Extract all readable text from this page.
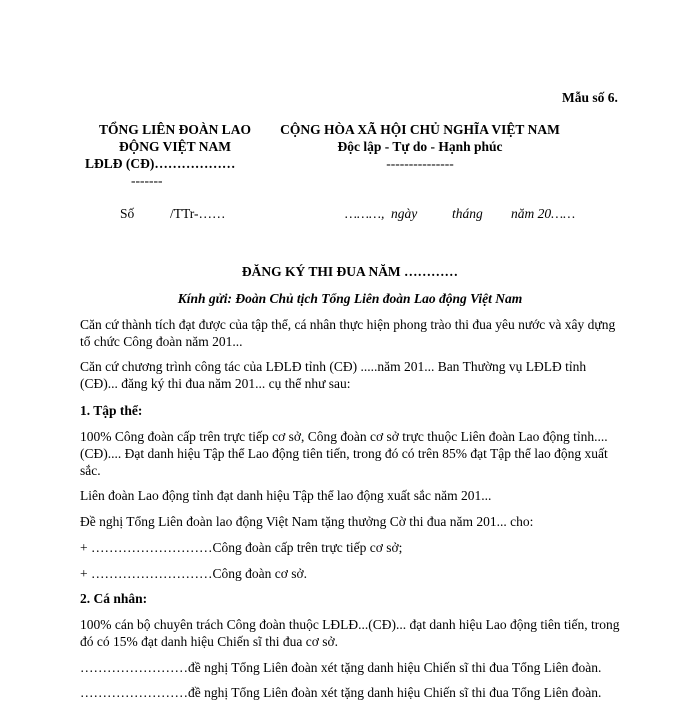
Mẫu số 6.
TỔNG LIÊN ĐOÀN LAO
ĐỘNG VIỆT NAM
LĐLĐ (CĐ)………………
-------
CỘNG HÒA XÃ HỘI CHỦ NGHĨA VIỆT NAM
Độc lập - Tự do - Hạnh phúc
---------------
Số	/TTr-……	………, ngày	tháng năm 20……
ĐĂNG KÝ THI ĐUA NĂM …………
Kính gửi: Đoàn Chủ tịch Tổng Liên đoàn Lao động Việt Nam
Căn cứ thành tích đạt được của tập thể, cá nhân thực hiện phong trào thi đua yêu nước và xây dựng tổ chức Công đoàn năm 201...
Căn cứ chương trình công tác của LĐLĐ tỉnh (CĐ) .....năm 201... Ban Thường vụ LĐLĐ tỉnh (CĐ)... đăng ký thi đua năm 201... cụ thể như sau:
1. Tập thể:
100% Công đoàn cấp trên trực tiếp cơ sở, Công đoàn cơ sở trực thuộc Liên đoàn Lao động tỉnh....(CĐ).... Đạt danh hiệu Tập thể Lao động tiên tiến, trong đó có trên 85% đạt Tập thể lao động xuất sắc.
Liên đoàn Lao động tỉnh đạt danh hiệu Tập thể lao động xuất sắc năm 201...
Đề nghị Tổng Liên đoàn lao động Việt Nam tặng thưởng Cờ thi đua năm 201... cho:
+ ………………………Công đoàn cấp trên trực tiếp cơ sở;
+ ………………………Công đoàn cơ sở.
2. Cá nhân:
100% cán bộ chuyên trách Công đoàn thuộc LĐLĐ...(CĐ)... đạt danh hiệu Lao động tiên tiến, trong đó có 15% đạt danh hiệu Chiến sĩ thi đua cơ sở.
……………………đề nghị Tổng Liên đoàn xét tặng danh hiệu Chiến sĩ thi đua Tổng Liên đoàn.
……………………đề nghị Tổng Liên đoàn xét tặng danh hiệu Chiến sĩ thi đua Tổng Liên đoàn.
